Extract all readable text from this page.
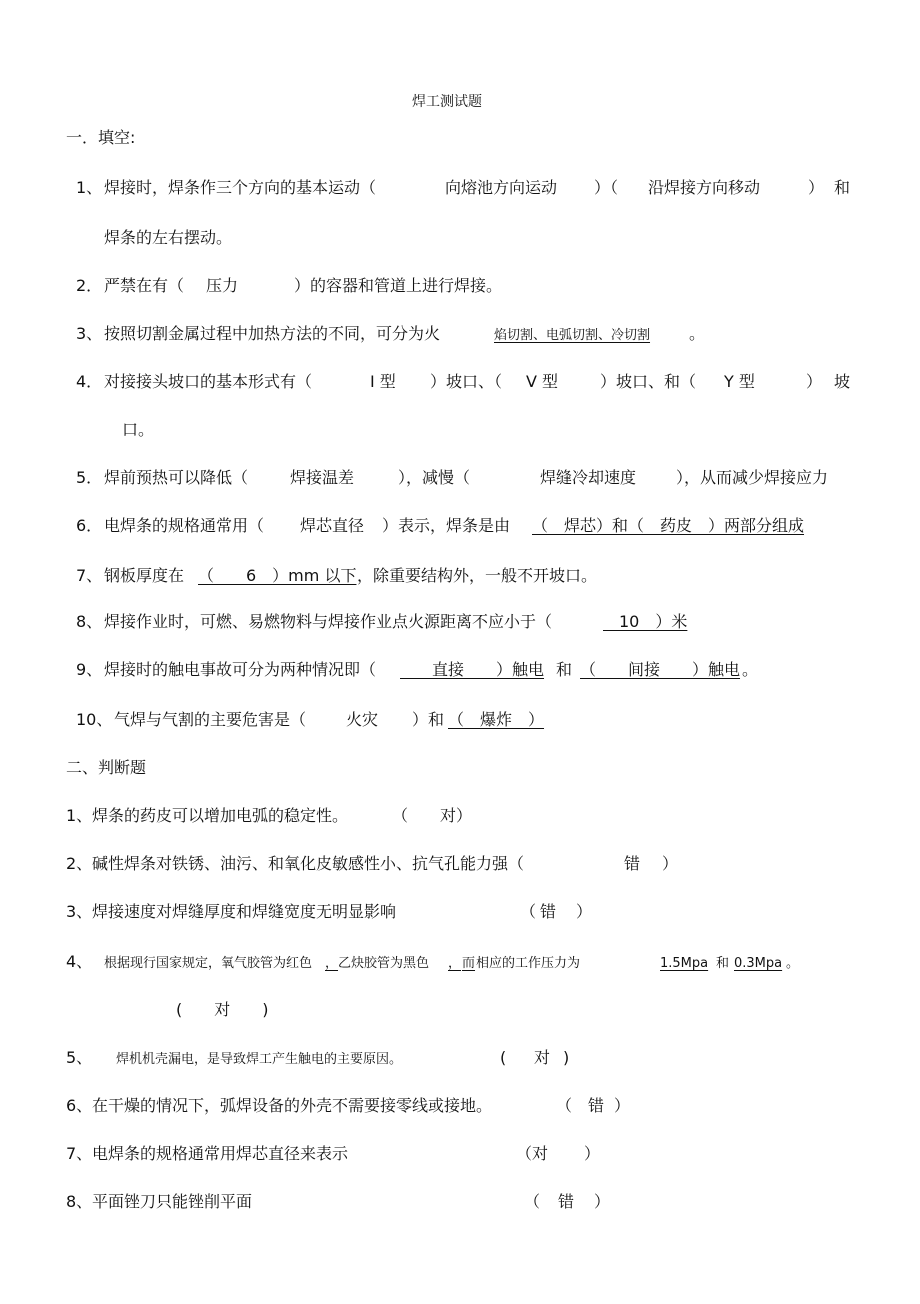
焊工测试题
一．填空:
1、 焊接时，焊条作三个方向的基本运动（	向熔池方向运动 ）（ 沿焊接方向移动	） 和
焊条的左右摆动。
2． 严禁在有（ 压力	）的容器和管道上进行焊接。
3、 按照切割金属过程中加热方法的不同，可分为火	焰切割、电弧切割、冷切割 。
4． 对接接头坡口的基本形式有（	I 型 ）坡口、（ V 型	）坡口、和（ Y 型	） 坡
口。
5． 焊前预热可以降低（	焊接温差	），减慢（	焊缝冷却速度 ），从而减少焊接应力
6． 电焊条的规格通常用（ 焊芯直径 ）表示，焊条是由 （　焊芯）和（　药皮　）两部分组成
7、 钢板厚度在 （　　6　）mm 以下 ，除重要结构外，一般不开坡口。
8、 焊接作业时，可燃、易燃物料与焊接作业点火源距离不应小于（	　10　）米
9、 焊接时的触电事故可分为两种情况即（ 　　直接　　）触电 和 （　　间接　　）触电 。
10、 气焊与气割的主要危害是（ 火灾 ）和 （　爆炸　）
二、判断题
1、 焊条的药皮可以增加电弧的稳定性。	（ 对）
2、 碱性焊条对铁锈、油污、和氧化皮敏感性小、抗气孔能力强（	错 ）
3、 焊接速度对焊缝厚度和焊缝宽度无明显影响	（ 错 ）
4、 根据现行国家规定，氧气胶管为红色 ， 乙炔胶管为黑色 ， 而 相应的工作压力为	1.5Mpa 和 0.3Mpa 。
(　　对　　)
5、 焊机机壳漏电，是导致焊工产生触电的主要原因。	( 对 )
6、 在干燥的情况下，弧焊设备的外壳不需要接零线或接地。	（ 错 ）
7、 电焊条的规格通常用焊芯直径来表示	（对 ）
8、 平面锉刀只能锉削平面	（ 错 ）
